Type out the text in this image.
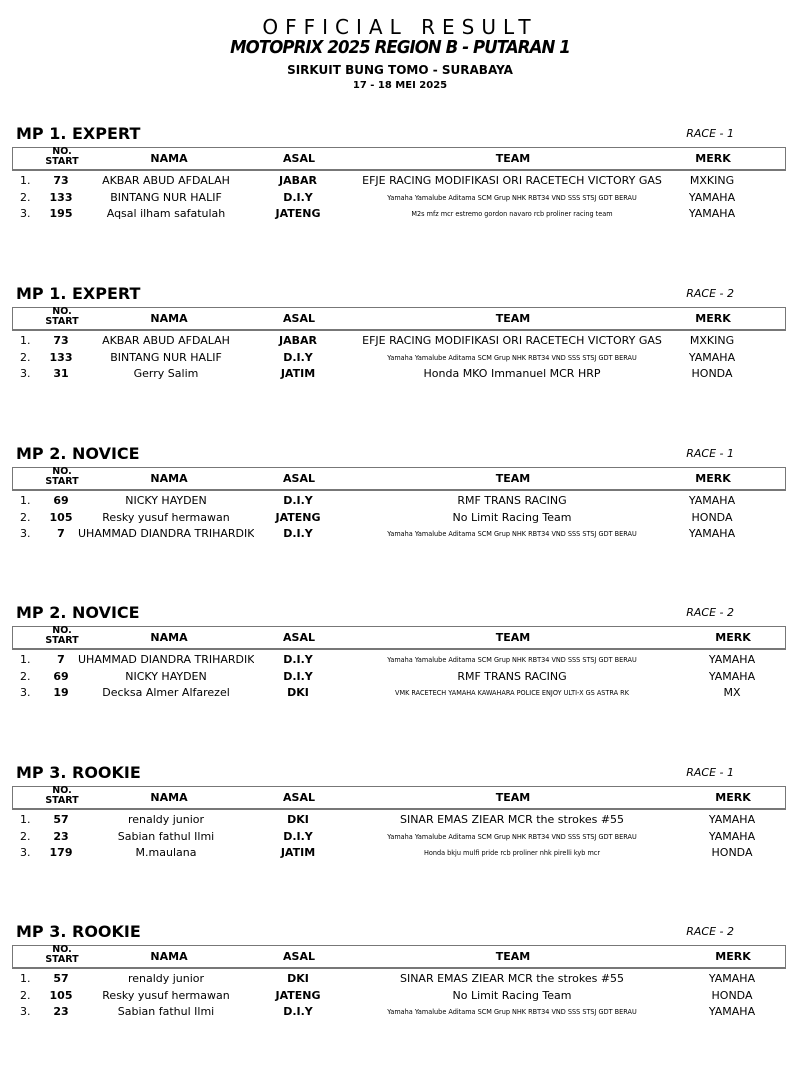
OFFICIAL RESULT
MOTOPRIX 2025 REGION B - PUTARAN 1
SIRKUIT BUNG TOMO - SURABAYA
17 - 18 MEI 2025
MP 1. EXPERT	RACE - 1
NO.
START	NAMA	ASAL	TEAM	MERK
1.	73	AKBAR ABUD AFDALAH	JABAR	EFJE RACING MODIFIKASI ORI RACETECH VICTORY GAS	MXKING
2.	133	BINTANG NUR HALIF	D.I.Y	Yamaha Yamalube Aditama SCM Grup NHK RBT34 VND SSS STSJ GDT BERAU	YAMAHA
3.	195	Aqsal ilham safatulah	JATENG	M2s mfz mcr estremo gordon navaro rcb proliner racing team	YAMAHA
MP 1. EXPERT	RACE - 2
NO.
START	NAMA	ASAL	TEAM	MERK
1.	73	AKBAR ABUD AFDALAH	JABAR	EFJE RACING MODIFIKASI ORI RACETECH VICTORY GAS	MXKING
2.	133	BINTANG NUR HALIF	D.I.Y	Yamaha Yamalube Aditama SCM Grup NHK RBT34 VND SSS STSJ GDT BERAU	YAMAHA
3.	31	Gerry Salim	JATIM	Honda MKO Immanuel MCR HRP	HONDA
MP 2. NOVICE	RACE - 1
NO.
START	NAMA	ASAL	TEAM	MERK
1.	69	NICKY HAYDEN	D.I.Y	RMF TRANS RACING	YAMAHA
2.	105	Resky yusuf hermawan	JATENG	No Limit Racing Team	HONDA
3.	7	UHAMMAD DIANDRA TRIHARDIK	D.I.Y	Yamaha Yamalube Aditama SCM Grup NHK RBT34 VND SSS STSJ GDT BERAU	YAMAHA
MP 2. NOVICE	RACE - 2
NO.
START	NAMA	ASAL	TEAM	MERK
1.	7	UHAMMAD DIANDRA TRIHARDIK	D.I.Y	Yamaha Yamalube Aditama SCM Grup NHK RBT34 VND SSS STSJ GDT BERAU	YAMAHA
2.	69	NICKY HAYDEN	D.I.Y	RMF TRANS RACING	YAMAHA
3.	19	Decksa Almer Alfarezel	DKI	VMK RACETECH YAMAHA KAWAHARA POLICE ENJOY ULTI-X GS ASTRA RK	MX
MP 3. ROOKIE	RACE - 1
NO.
START	NAMA	ASAL	TEAM	MERK
1.	57	renaldy junior	DKI	SINAR EMAS ZIEAR MCR the strokes #55	YAMAHA
2.	23	Sabian fathul Ilmi	D.I.Y	Yamaha Yamalube Aditama SCM Grup NHK RBT34 VND SSS STSJ GDT BERAU	YAMAHA
3.	179	M.maulana	JATIM	Honda bkju mulfi pride rcb proliner nhk pirelli kyb mcr	HONDA
MP 3. ROOKIE	RACE - 2
NO.
START	NAMA	ASAL	TEAM	MERK
1.	57	renaldy junior	DKI	SINAR EMAS ZIEAR MCR the strokes #55	YAMAHA
2.	105	Resky yusuf hermawan	JATENG	No Limit Racing Team	HONDA
3.	23	Sabian fathul Ilmi	D.I.Y	Yamaha Yamalube Aditama SCM Grup NHK RBT34 VND SSS STSJ GDT BERAU	YAMAHA
